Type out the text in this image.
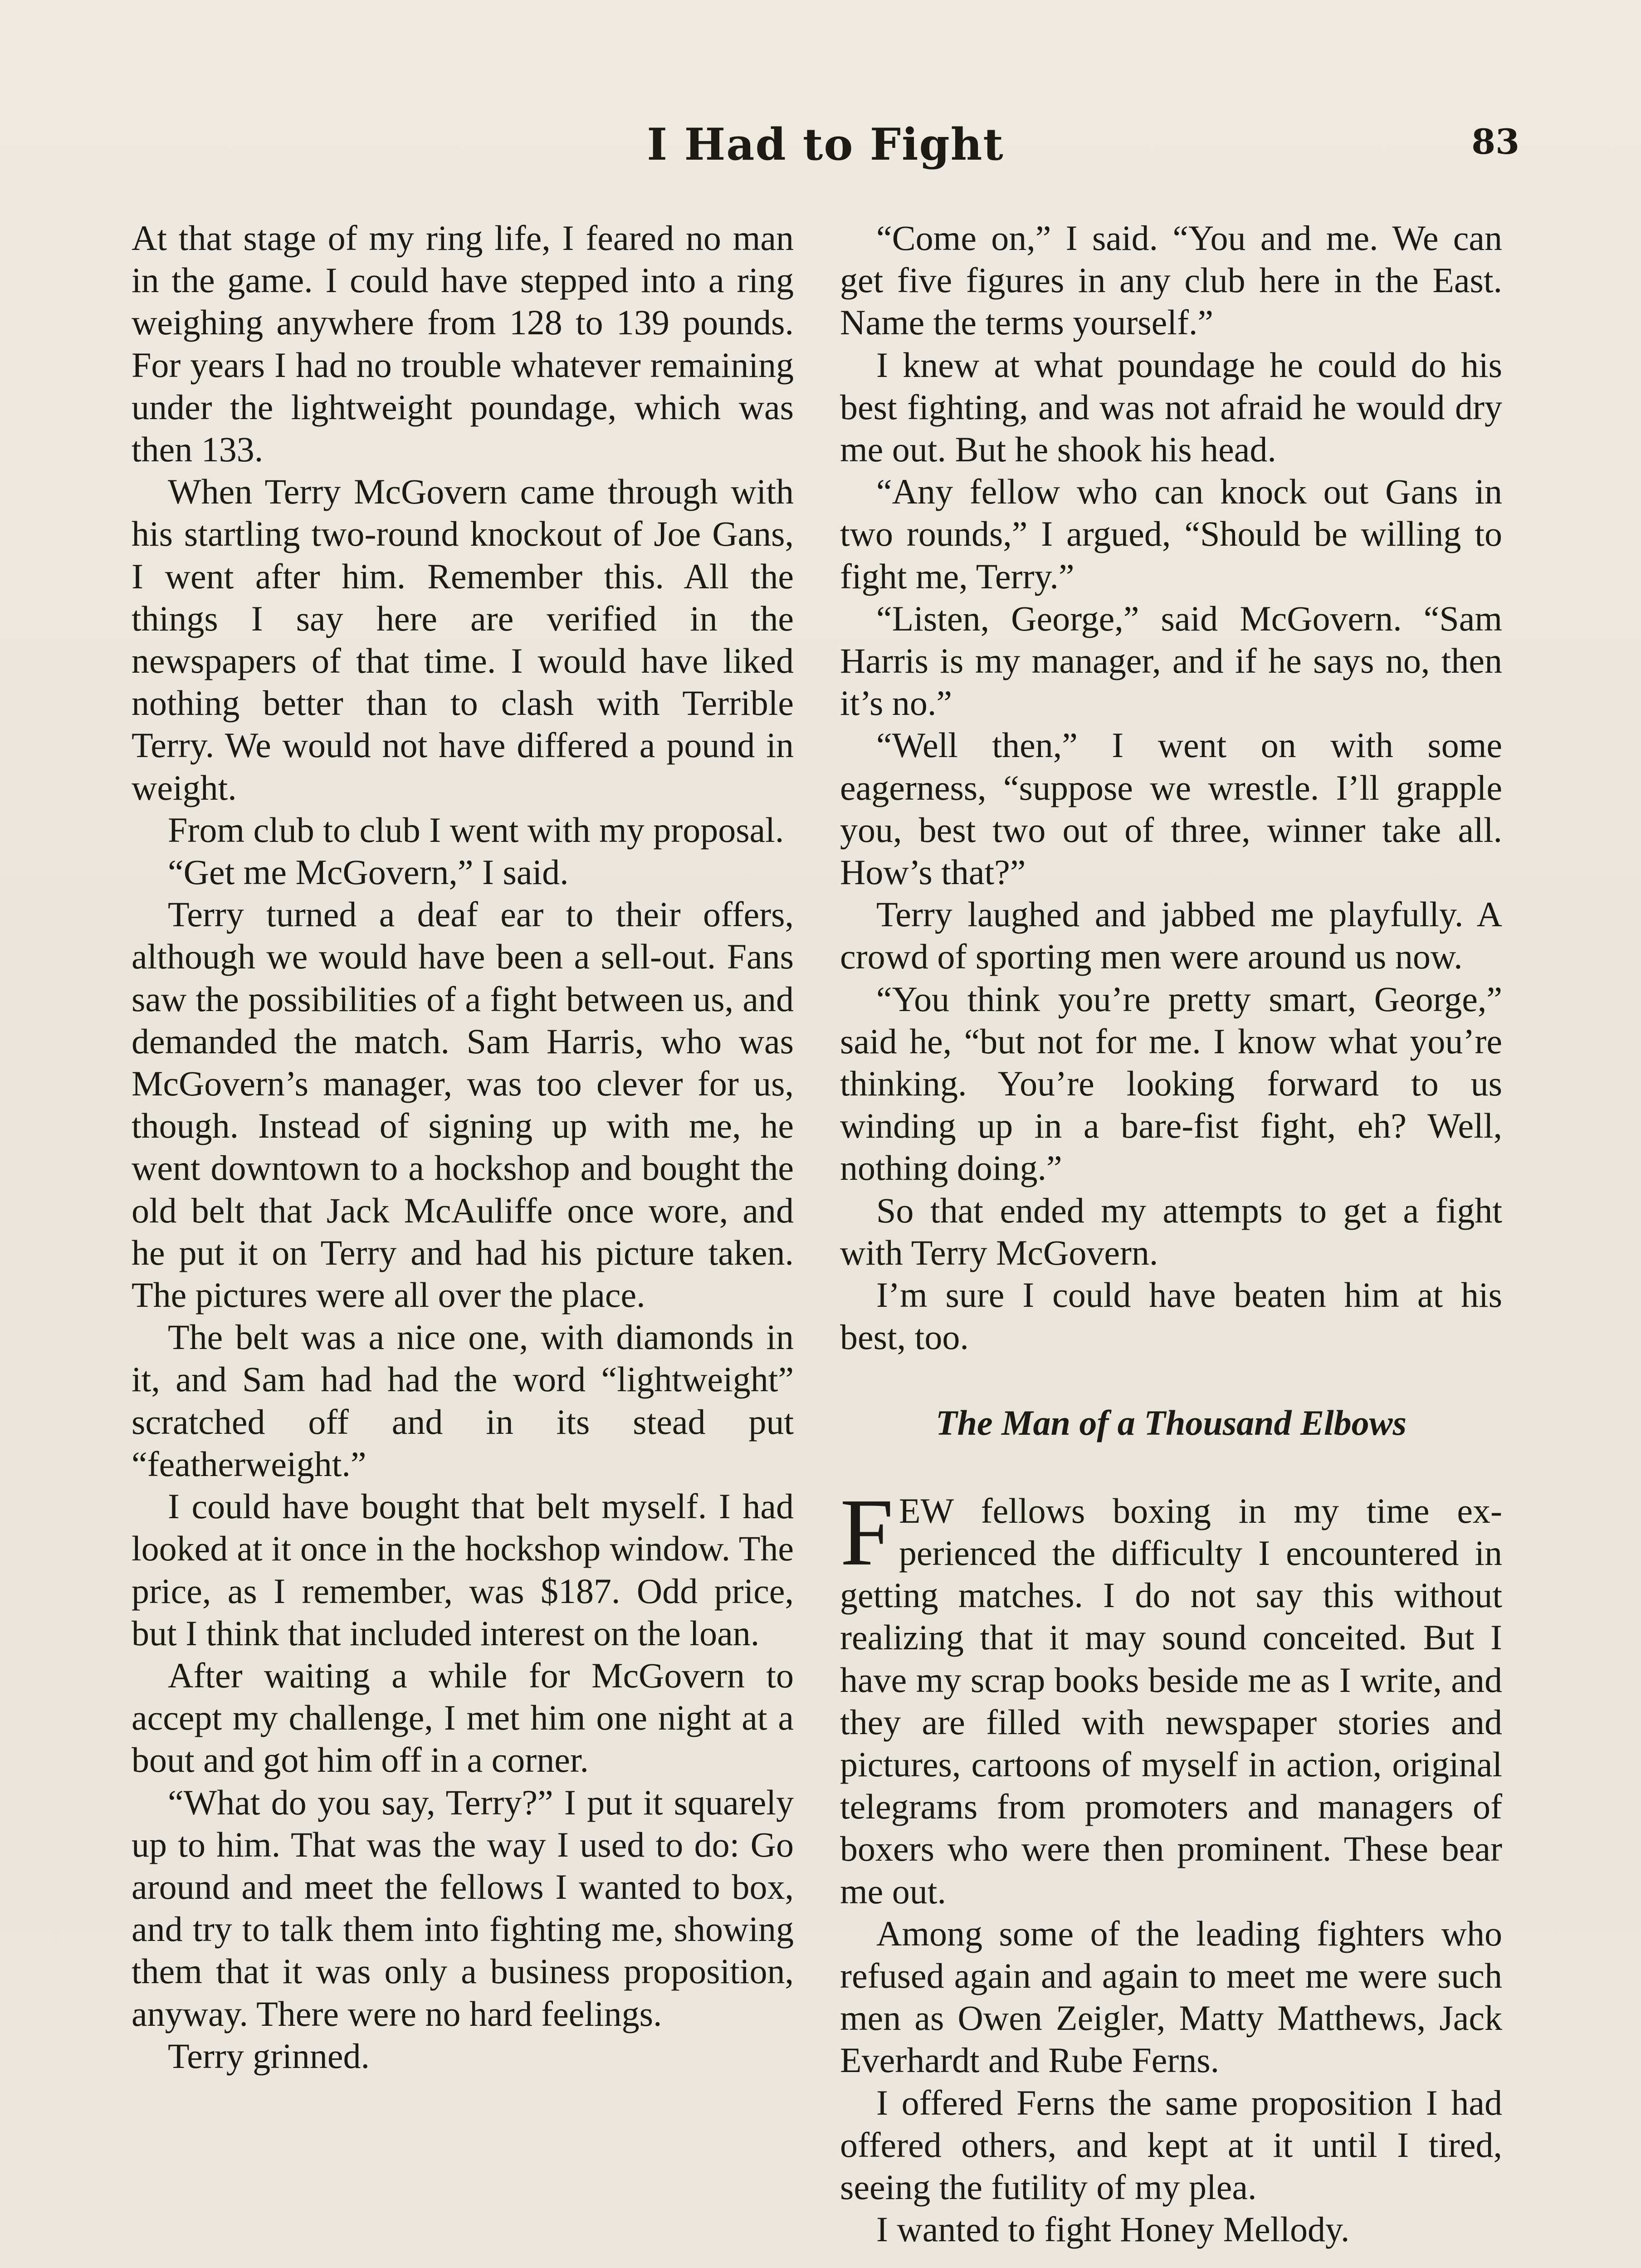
I Had to Fight	83

At that stage of my ring life, I feared no man in the game. I could have stepped into a ring weighing anywhere from 128 to 139 pounds. For years I had no trouble whatever remaining under the lightweight poundage, which was then 133.

When Terry McGovern came through with his startling two-round knockout of Joe Gans, I went after him. Remember this. All the things I say here are verified in the newspapers of that time. I would have liked nothing better than to clash with Terrible Terry. We would not have differed a pound in weight.

From club to club I went with my proposal.

“Get me McGovern,” I said.

Terry turned a deaf ear to their offers, although we would have been a sell-out. Fans saw the possibilities of a fight between us, and demanded the match. Sam Harris, who was McGovern’s manager, was too clever for us, though. Instead of signing up with me, he went downtown to a hockshop and bought the old belt that Jack McAuliffe once wore, and he put it on Terry and had his picture taken. The pictures were all over the place.

The belt was a nice one, with diamonds in it, and Sam had had the word “lightweight” scratched off and in its stead put “featherweight.”

I could have bought that belt myself. I had looked at it once in the hockshop window. The price, as I remember, was $187. Odd price, but I think that included interest on the loan.

After waiting a while for McGovern to accept my challenge, I met him one night at a bout and got him off in a corner.

“What do you say, Terry?” I put it squarely up to him. That was the way I used to do: Go around and meet the fellows I wanted to box, and try to talk them into fighting me, showing them that it was only a business proposition, anyway. There were no hard feelings.

Terry grinned.

“Come on,” I said. “You and me. We can get five figures in any club here in the East. Name the terms yourself.”

I knew at what poundage he could do his best fighting, and was not afraid he would dry me out. But he shook his head.

“Any fellow who can knock out Gans in two rounds,” I argued, “Should be willing to fight me, Terry.”

“Listen, George,” said McGovern. “Sam Harris is my manager, and if he says no, then it’s no.”

“Well then,” I went on with some eagerness, “suppose we wrestle. I’ll grapple you, best two out of three, winner take all. How’s that?”

Terry laughed and jabbed me playfully. A crowd of sporting men were around us now.

“You think you’re pretty smart, George,” said he, “but not for me. I know what you’re thinking. You’re looking forward to us winding up in a bare-fist fight, eh? Well, nothing doing.”

So that ended my attempts to get a fight with Terry McGovern.

I’m sure I could have beaten him at his best, too.

The Man of a Thousand Elbows

FEW fellows boxing in my time experienced the difficulty I encountered in getting matches. I do not say this without realizing that it may sound conceited. But I have my scrap books beside me as I write, and they are filled with newspaper stories and pictures, cartoons of myself in action, original telegrams from promoters and managers of boxers who were then prominent. These bear me out.

Among some of the leading fighters who refused again and again to meet me were such men as Owen Zeigler, Matty Matthews, Jack Everhardt and Rube Ferns.

I offered Ferns the same proposition I had offered others, and kept at it until I tired, seeing the futility of my plea.

I wanted to fight Honey Mellody.
